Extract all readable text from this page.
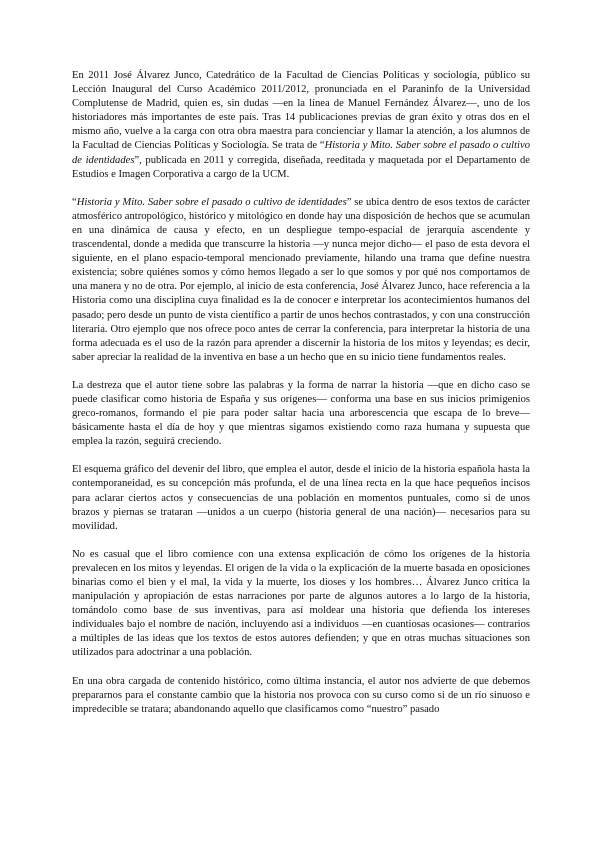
En 2011 José Álvarez Junco, Catedrático de la Facultad de Ciencias Políticas y sociología, público su Lección Inaugural del Curso Académico 2011/2012, pronunciada en el Paraninfo de la Universidad Complutense de Madrid, quien es, sin dudas —en la línea de Manuel Fernández Álvarez—, uno de los historiadores más importantes de este país. Tras 14 publicaciones previas de gran éxito y otras dos en el mismo año, vuelve a la carga con otra obra maestra para concienciar y llamar la atención, a los alumnos de la Facultad de Ciencias Políticas y Sociología. Se trata de “Historia y Mito. Saber sobre el pasado o cultivo de identidades”, publicada en 2011 y corregida, diseñada, reeditada y maquetada por el Departamento de Estudios e Imagen Corporativa a cargo de la UCM.

“Historia y Mito. Saber sobre el pasado o cultivo de identidades” se ubica dentro de esos textos de carácter atmosférico antropológico, histórico y mitológico en donde hay una disposición de hechos que se acumulan en una dinámica de causa y efecto, en un despliegue tempo-espacial de jerarquía ascendente y trascendental, donde a medida que transcurre la historia —y nunca mejor dicho— el paso de esta devora el siguiente, en el plano espacio-temporal mencionado previamente, hilando una trama que define nuestra existencia; sobre quiénes somos y cómo hemos llegado a ser lo que somos y por qué nos comportamos de una manera y no de otra. Por ejemplo, al inicio de esta conferencia, José Álvarez Junco, hace referencia a la Historia como una disciplina cuya finalidad es la de conocer e interpretar los acontecimientos humanos del pasado; pero desde un punto de vista científico a partir de unos hechos contrastados, y con una construcción literaria. Otro ejemplo que nos ofrece poco antes de cerrar la conferencia, para interpretar la historia de una forma adecuada es el uso de la razón para aprender a discernir la historia de los mitos y leyendas; es decir, saber apreciar la realidad de la inventiva en base a un hecho que en su inicio tiene fundamentos reales.

La destreza que el autor tiene sobre las palabras y la forma de narrar la historia —que en dicho caso se puede clasificar como historia de España y sus orígenes— conforma una base en sus inicios primigenios greco-romanos, formando el pie para poder saltar hacia una arborescencia que escapa de lo breve— básicamente hasta el día de hoy y que mientras sigamos existiendo como raza humana y supuesta que emplea la razón, seguirá creciendo.

El esquema gráfico del devenir del libro, que emplea el autor, desde el inicio de la historia española hasta la contemporaneidad, es su concepción más profunda, el de una línea recta en la que hace pequeños incisos para aclarar ciertos actos y consecuencias de una población en momentos puntuales, como si de unos brazos y piernas se trataran —unidos a un cuerpo (historia general de una nación)— necesarios para su movilidad.

No es casual que el libro comience con una extensa explicación de cómo los orígenes de la historia prevalecen en los mitos y leyendas. El origen de la vida o la explicación de la muerte basada en oposiciones binarias como el bien y el mal, la vida y la muerte, los dioses y los hombres… Álvarez Junco critica la manipulación y apropiación de estas narraciones por parte de algunos autores a lo largo de la historia, tomándolo como base de sus inventivas, para así moldear una historia que defienda los intereses individuales bajo el nombre de nación, incluyendo así a individuos —en cuantiosas ocasiones— contrarios a múltiples de las ideas que los textos de estos autores defienden; y que en otras muchas situaciones son utilizados para adoctrinar a una población.

En una obra cargada de contenido histórico, como última instancia, el autor nos advierte de que debemos prepararnos para el constante cambio que la historia nos provoca con su curso como si de un río sinuoso e impredecible se tratara; abandonando aquello que clasificamos como “nuestro” pasado
